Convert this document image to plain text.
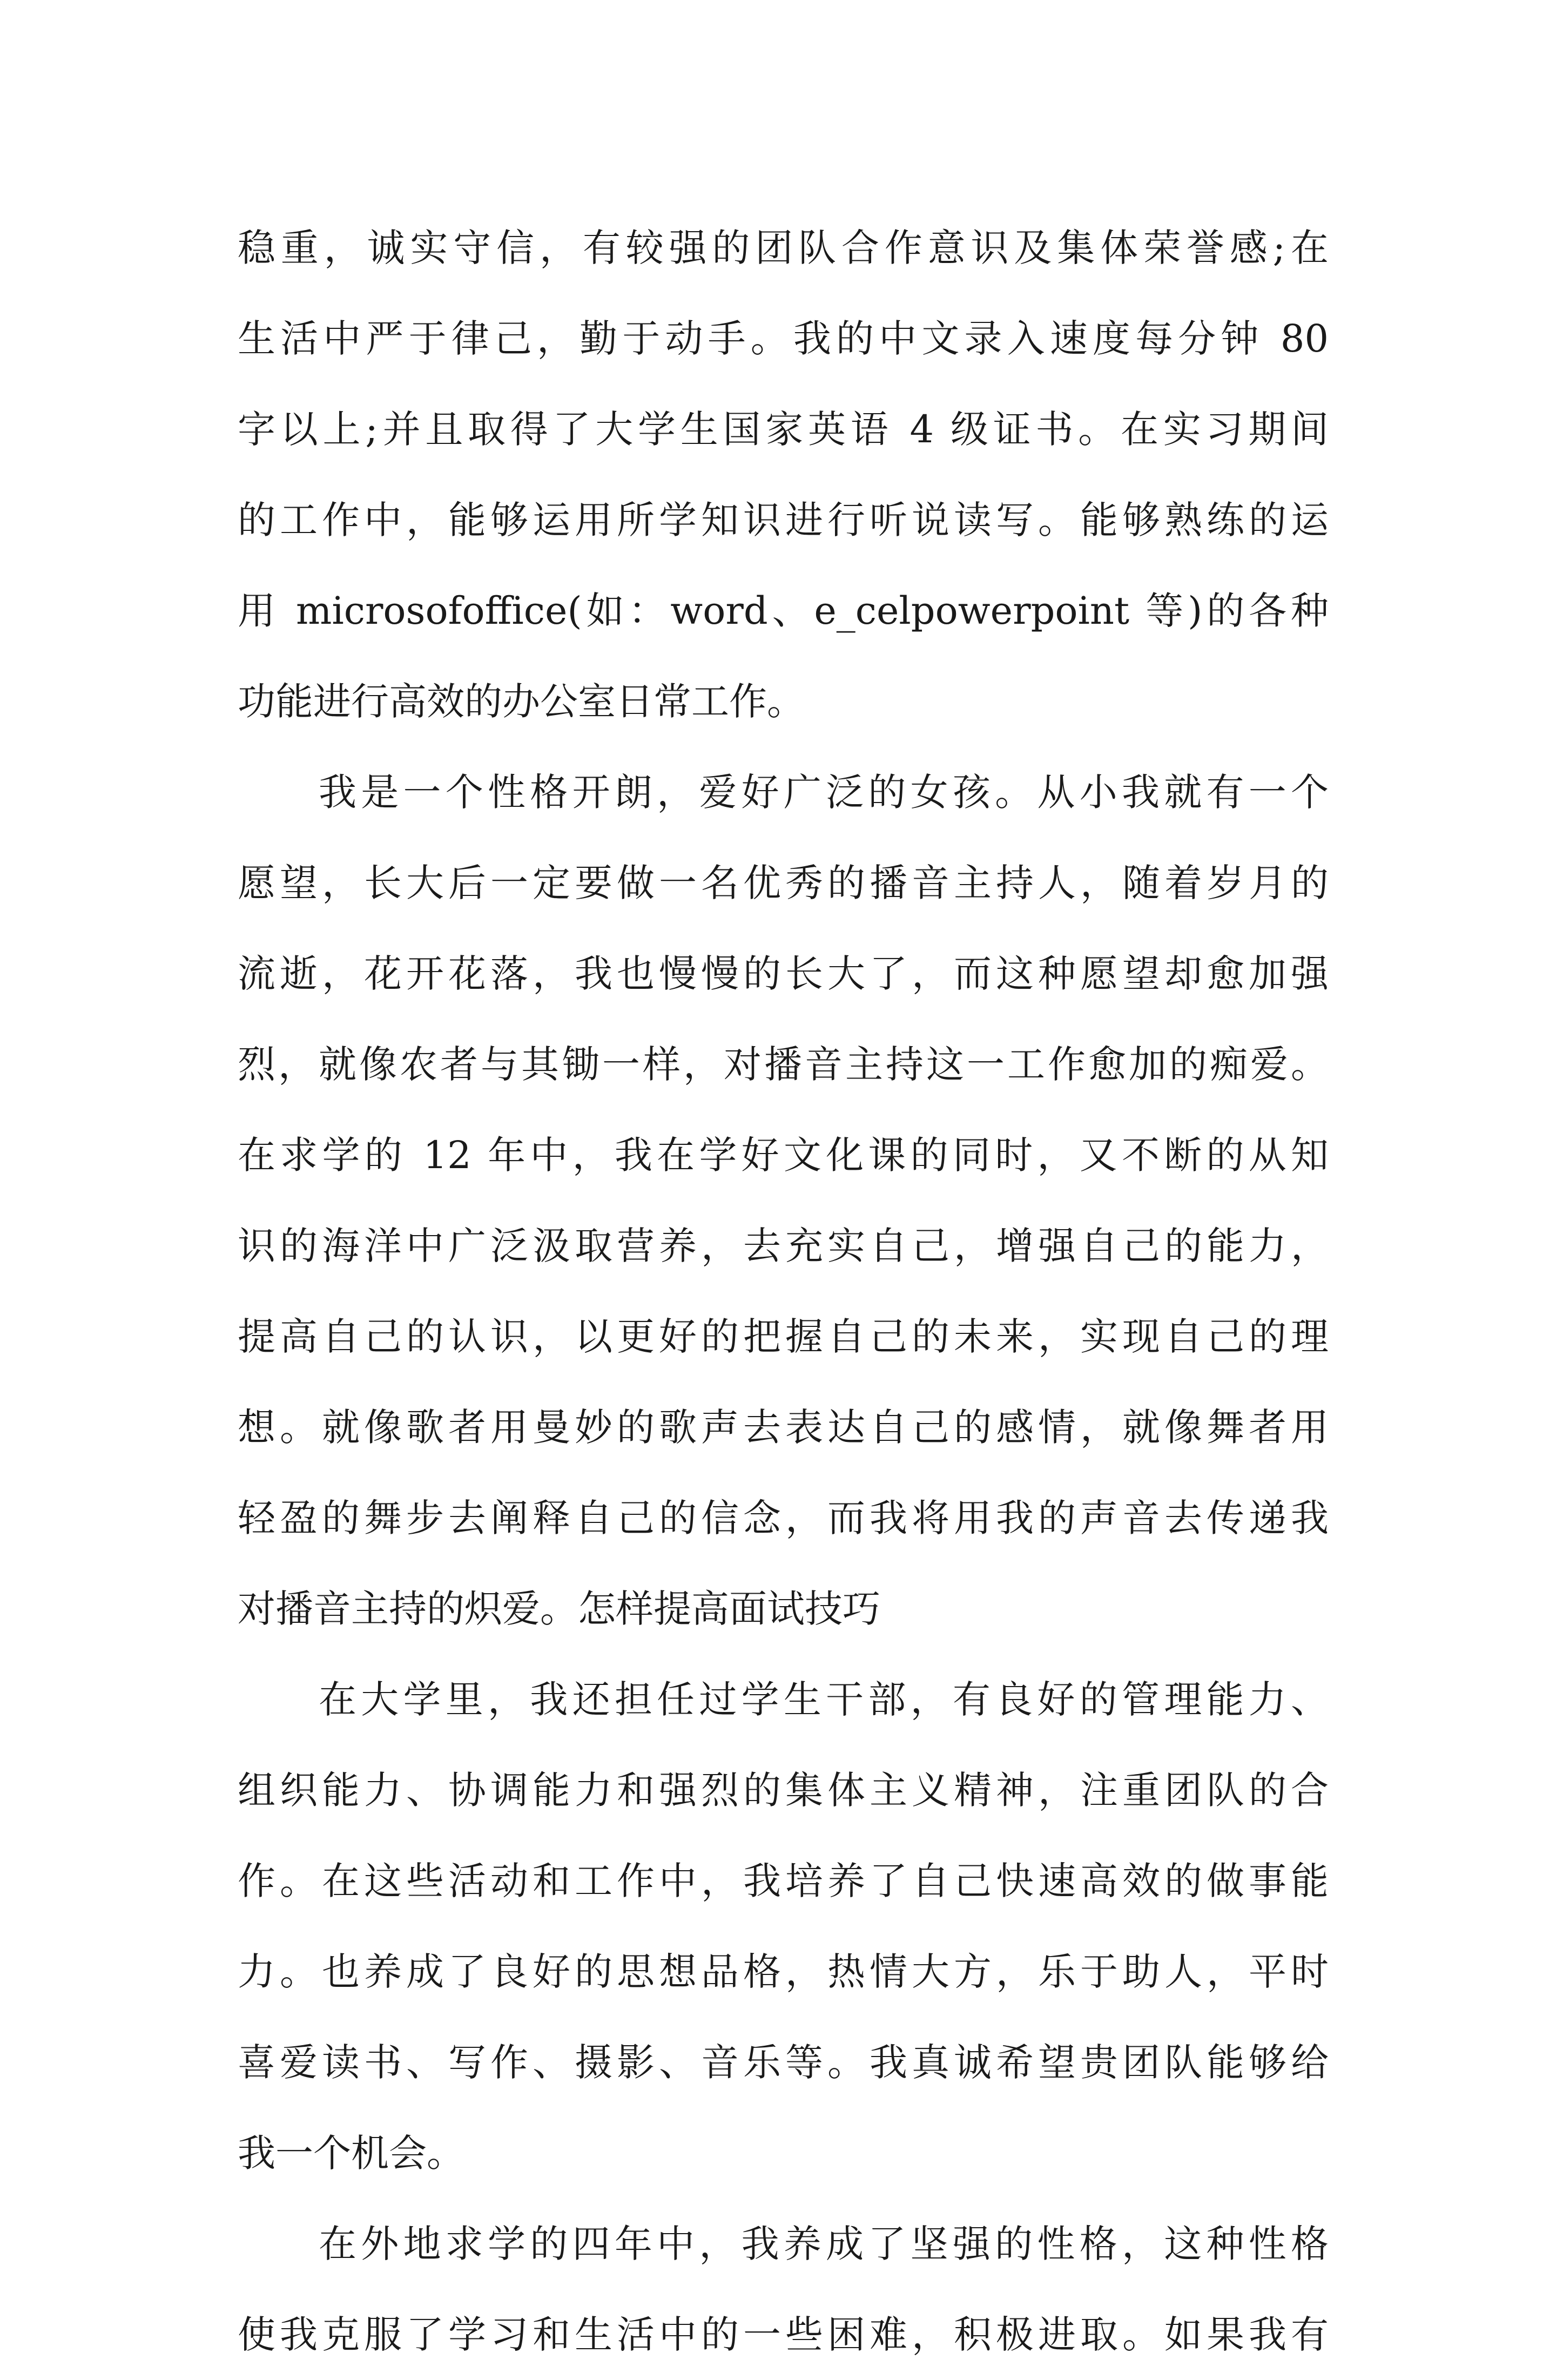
稳重，诚实守信，有较强的团队合作意识及集体荣誉感;在
生活中严于律己，勤于动手。我的中文录入速度每分钟 80
字以上;并且取得了大学生国家英语 4 级证书。在实习期间
的工作中，能够运用所学知识进行听说读写。能够熟练的运
用 microsofoffice(如：word、e_celpowerpoint 等)的各种
功能进行高效的办公室日常工作。
我是一个性格开朗，爱好广泛的女孩。从小我就有一个
愿望，长大后一定要做一名优秀的播音主持人，随着岁月的
流逝，花开花落，我也慢慢的长大了，而这种愿望却愈加强
烈，就像农者与其锄一样，对播音主持这一工作愈加的痴爱。
在求学的 12 年中，我在学好文化课的同时，又不断的从知
识的海洋中广泛汲取营养，去充实自己，增强自己的能力，
提高自己的认识，以更好的把握自己的未来，实现自己的理
想。就像歌者用曼妙的歌声去表达自己的感情，就像舞者用
轻盈的舞步去阐释自己的信念，而我将用我的声音去传递我
对播音主持的炽爱。怎样提高面试技巧
在大学里，我还担任过学生干部，有良好的管理能力、
组织能力、协调能力和强烈的集体主义精神，注重团队的合
作。在这些活动和工作中，我培养了自己快速高效的做事能
力。也养成了良好的思想品格，热情大方，乐于助人，平时
喜爱读书、写作、摄影、音乐等。我真诚希望贵团队能够给
我一个机会。
在外地求学的四年中，我养成了坚强的性格，这种性格
使我克服了学习和生活中的一些困难，积极进取。如果我有
